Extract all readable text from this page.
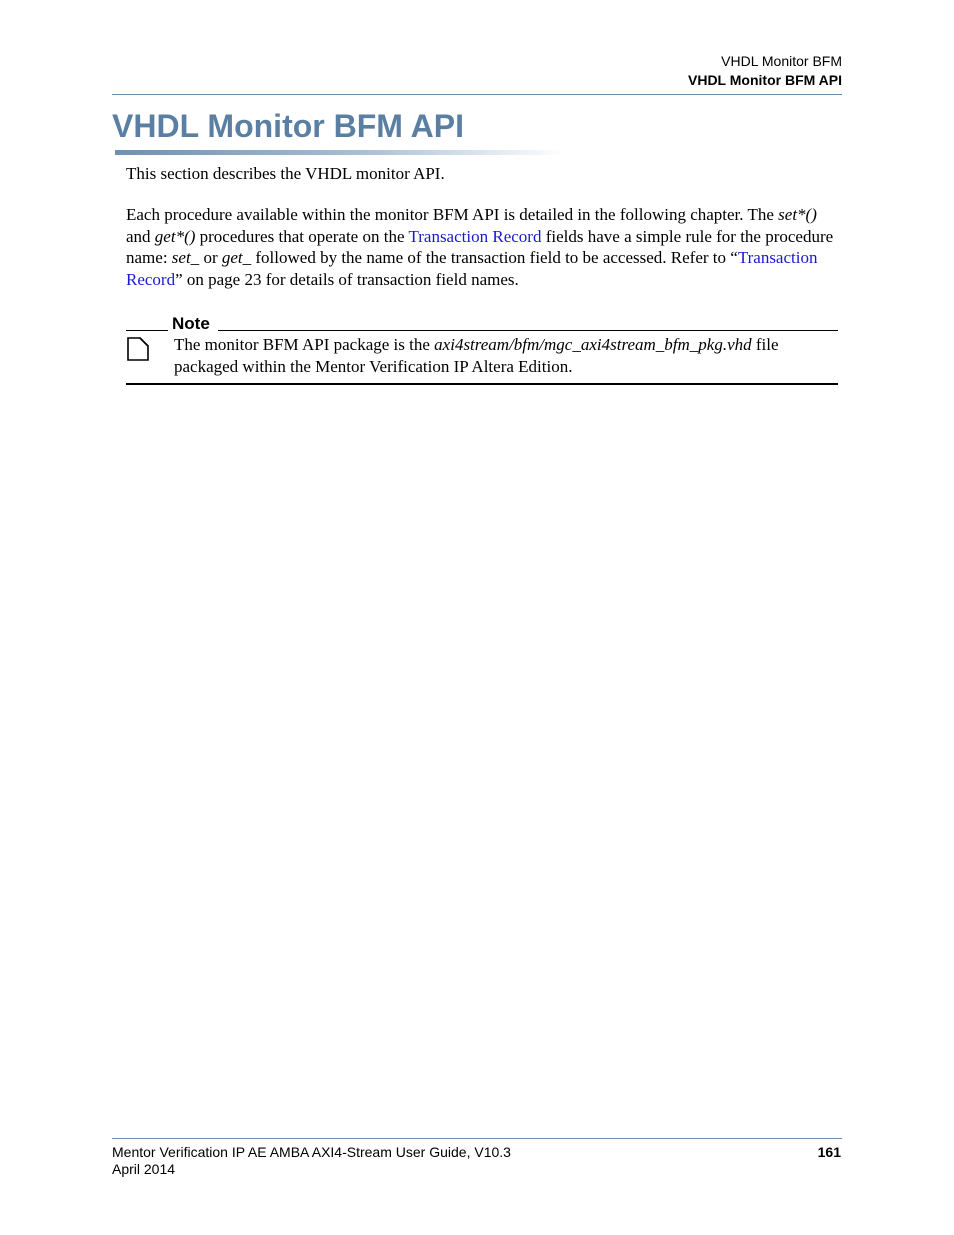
VHDL Monitor BFM
VHDL Monitor BFM API
VHDL Monitor BFM API

This section describes the VHDL monitor API.

Each procedure available within the monitor BFM API is detailed in the following chapter. The set*() and get*() procedures that operate on the Transaction Record fields have a simple rule for the procedure name: set_ or get_ followed by the name of the transaction field to be accessed. Refer to “Transaction Record” on page 23 for details of transaction field names.

Note

The monitor BFM API package is the axi4stream/bfm/mgc_axi4stream_bfm_pkg.vhd file packaged within the Mentor Verification IP Altera Edition.

Mentor Verification IP AE AMBA AXI4-Stream User Guide, V10.3
April 2014
161
